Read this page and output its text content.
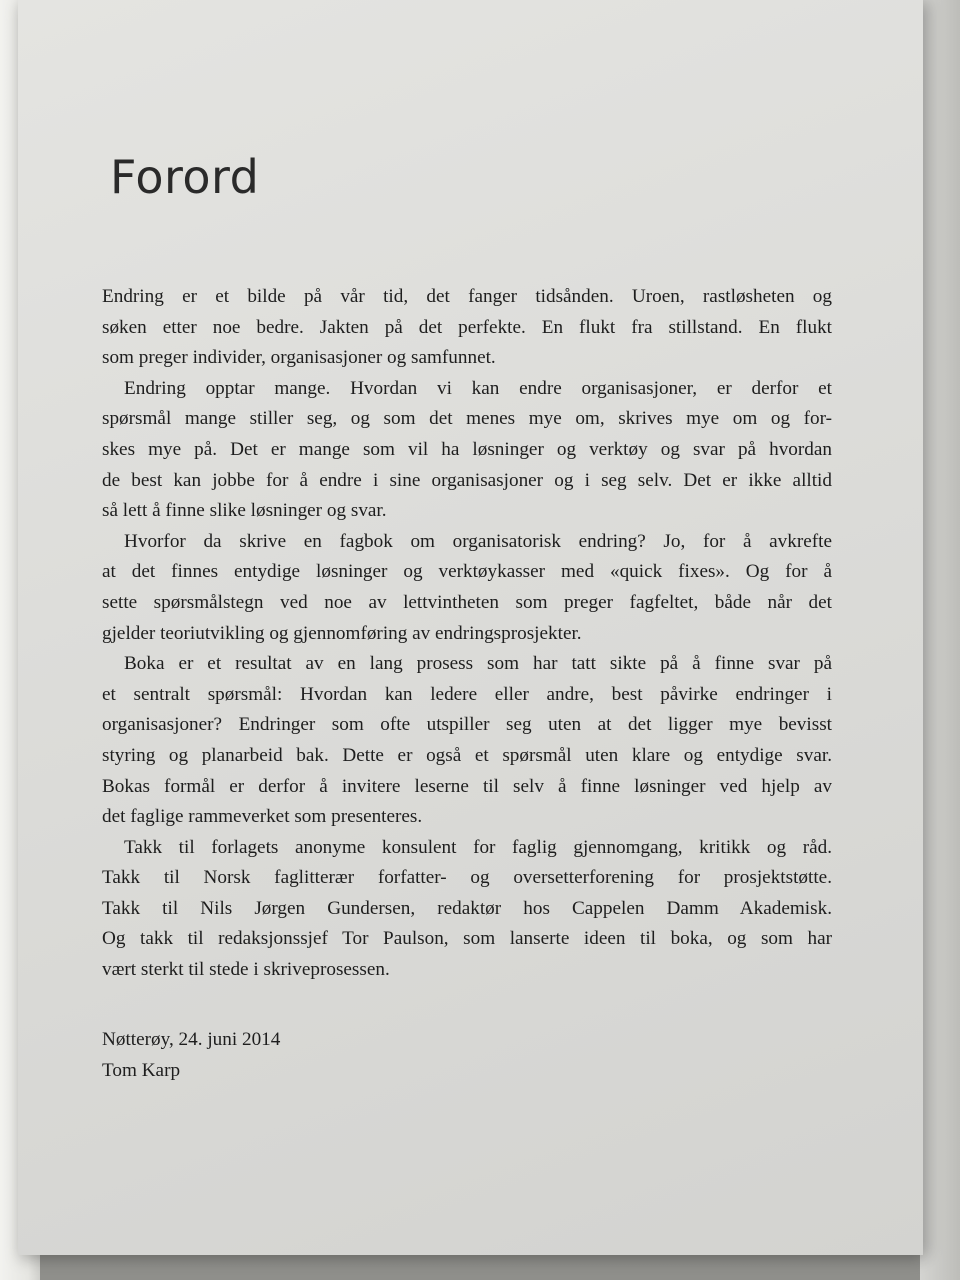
Forord
Endring er et bilde på vår tid, det fanger tidsånden. Uroen, rastløsheten og
søken etter noe bedre. Jakten på det perfekte. En flukt fra stillstand. En flukt
som preger individer, organisasjoner og samfunnet.
Endring opptar mange. Hvordan vi kan endre organisasjoner, er derfor et
spørsmål mange stiller seg, og som det menes mye om, skrives mye om og for-
skes mye på. Det er mange som vil ha løsninger og verktøy og svar på hvordan
de best kan jobbe for å endre i sine organisasjoner og i seg selv. Det er ikke alltid
så lett å finne slike løsninger og svar.
Hvorfor da skrive en fagbok om organisatorisk endring? Jo, for å avkrefte
at det finnes entydige løsninger og verktøykasser med «quick fixes». Og for å
sette spørsmålstegn ved noe av lettvintheten som preger fagfeltet, både når det
gjelder teoriutvikling og gjennomføring av endringsprosjekter.
Boka er et resultat av en lang prosess som har tatt sikte på å finne svar på
et sentralt spørsmål: Hvordan kan ledere eller andre, best påvirke endringer i
organisasjoner? Endringer som ofte utspiller seg uten at det ligger mye bevisst
styring og planarbeid bak. Dette er også et spørsmål uten klare og entydige svar.
Bokas formål er derfor å invitere leserne til selv å finne løsninger ved hjelp av
det faglige rammeverket som presenteres.
Takk til forlagets anonyme konsulent for faglig gjennomgang, kritikk og råd.
Takk til Norsk faglitterær forfatter- og oversetterforening for prosjektstøtte.
Takk til Nils Jørgen Gundersen, redaktør hos Cappelen Damm Akademisk.
Og takk til redaksjonssjef Tor Paulson, som lanserte ideen til boka, og som har
vært sterkt til stede i skriveprosessen.
Nøtterøy, 24. juni 2014
Tom Karp
